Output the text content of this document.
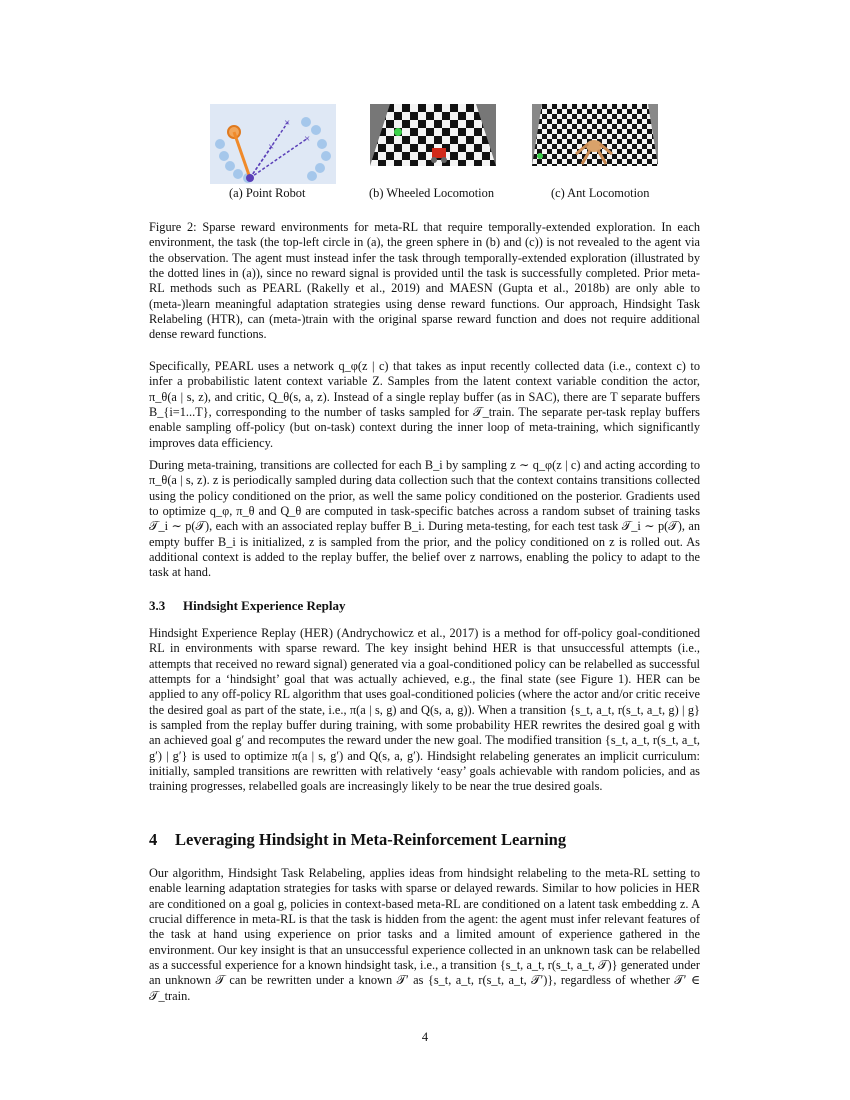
×
×
×
(a) Point Robot	(b) Wheeled Locomotion	(c) Ant Locomotion

Figure 2: Sparse reward environments for meta-RL that require temporally-extended exploration. In each environment, the task (the top-left circle in (a), the green sphere in (b) and (c)) is not revealed to the agent via the observation. The agent must instead infer the task through temporally-extended exploration (illustrated by the dotted lines in (a)), since no reward signal is provided until the task is successfully completed. Prior meta-RL methods such as PEARL (Rakelly et al., 2019) and MAESN (Gupta et al., 2018b) are only able to (meta-)learn meaningful adaptation strategies using dense reward functions. Our approach, Hindsight Task Relabeling (HTR), can (meta-)train with the original sparse reward function and does not require additional dense reward functions.

Specifically, PEARL uses a network q_φ(z | c) that takes as input recently collected data (i.e., context c) to infer a probabilistic latent context variable Z. Samples from the latent context variable condition the actor, π_θ(a | s, z), and critic, Q_θ(s, a, z). Instead of a single replay buffer (as in SAC), there are T separate buffers B_{i=1...T}, corresponding to the number of tasks sampled for 𝒯_train. The separate per-task replay buffers enable sampling off-policy (but on-task) context during the inner loop of meta-training, which significantly improves data efficiency.

During meta-training, transitions are collected for each B_i by sampling z ∼ q_φ(z | c) and acting according to π_θ(a | s, z). z is periodically sampled during data collection such that the context contains transitions collected using the policy conditioned on the prior, as well the same policy conditioned on the posterior. Gradients used to optimize q_φ, π_θ and Q_θ are computed in task-specific batches across a random subset of training tasks 𝒯_i ∼ p(𝒯), each with an associated replay buffer B_i. During meta-testing, for each test task 𝒯_i ∼ p(𝒯), an empty buffer B_i is initialized, z is sampled from the prior, and the policy conditioned on z is rolled out. As additional context is added to the replay buffer, the belief over z narrows, enabling the policy to adapt to the task at hand.

3.3 Hindsight Experience Replay

Hindsight Experience Replay (HER) (Andrychowicz et al., 2017) is a method for off-policy goal-conditioned RL in environments with sparse reward. The key insight behind HER is that unsuccessful attempts (i.e., attempts that received no reward signal) generated via a goal-conditioned policy can be relabelled as successful attempts for a ‘hindsight’ goal that was actually achieved, e.g., the final state (see Figure 1). HER can be applied to any off-policy RL algorithm that uses goal-conditioned policies (where the actor and/or critic receive the desired goal as part of the state, i.e., π(a | s, g) and Q(s, a, g)). When a transition {s_t, a_t, r(s_t, a_t, g) | g} is sampled from the replay buffer during training, with some probability HER rewrites the desired goal g with an achieved goal g′ and recomputes the reward under the new goal. The modified transition {s_t, a_t, r(s_t, a_t, g′) | g′} is used to optimize π(a | s, g′) and Q(s, a, g′). Hindsight relabeling generates an implicit curriculum: initially, sampled transitions are rewritten with relatively ‘easy’ goals achievable with random policies, and as training progresses, relabelled goals are increasingly likely to be near the true desired goals.

4 Leveraging Hindsight in Meta-Reinforcement Learning

Our algorithm, Hindsight Task Relabeling, applies ideas from hindsight relabeling to the meta-RL setting to enable learning adaptation strategies for tasks with sparse or delayed rewards. Similar to how policies in HER are conditioned on a goal g, policies in context-based meta-RL are conditioned on a latent task embedding z. A crucial difference in meta-RL is that the task is hidden from the agent: the agent must infer relevant features of the task at hand using experience on prior tasks and a limited amount of experience gathered in the environment. Our key insight is that an unsuccessful experience collected in an unknown task can be relabelled as a successful experience for a known hindsight task, i.e., a transition {s_t, a_t, r(s_t, a_t, 𝒯)} generated under an unknown 𝒯 can be rewritten under a known 𝒯′ as {s_t, a_t, r(s_t, a_t, 𝒯′)}, regardless of whether 𝒯′ ∈ 𝒯_train.

4
